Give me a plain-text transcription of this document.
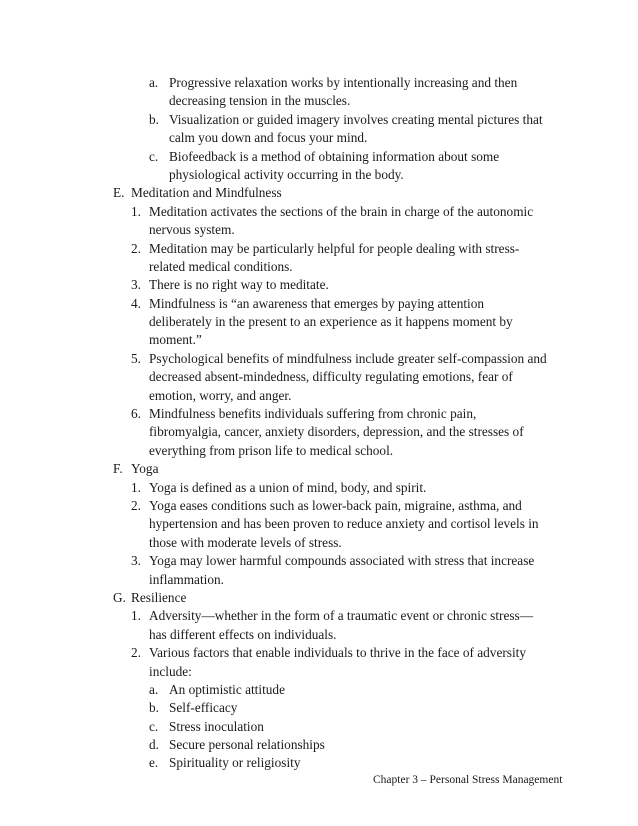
a. Progressive relaxation works by intentionally increasing and then
decreasing tension in the muscles.
b. Visualization or guided imagery involves creating mental pictures that
calm you down and focus your mind.
c. Biofeedback is a method of obtaining information about some
physiological activity occurring in the body.
E. Meditation and Mindfulness
1. Meditation activates the sections of the brain in charge of the autonomic
nervous system.
2. Meditation may be particularly helpful for people dealing with stress-
related medical conditions.
3. There is no right way to meditate.
4. Mindfulness is “an awareness that emerges by paying attention
deliberately in the present to an experience as it happens moment by
moment.”
5. Psychological benefits of mindfulness include greater self-compassion and
decreased absent-mindedness, difficulty regulating emotions, fear of
emotion, worry, and anger.
6. Mindfulness benefits individuals suffering from chronic pain,
fibromyalgia, cancer, anxiety disorders, depression, and the stresses of
everything from prison life to medical school.
F. Yoga
1. Yoga is defined as a union of mind, body, and spirit.
2. Yoga eases conditions such as lower-back pain, migraine, asthma, and
hypertension and has been proven to reduce anxiety and cortisol levels in
those with moderate levels of stress.
3. Yoga may lower harmful compounds associated with stress that increase
inflammation.
G. Resilience
1. Adversity—whether in the form of a traumatic event or chronic stress—
has different effects on individuals.
2. Various factors that enable individuals to thrive in the face of adversity
include:
a. An optimistic attitude
b. Self-efficacy
c. Stress inoculation
d. Secure personal relationships
e. Spirituality or religiosity
Chapter 3 – Personal Stress Management
